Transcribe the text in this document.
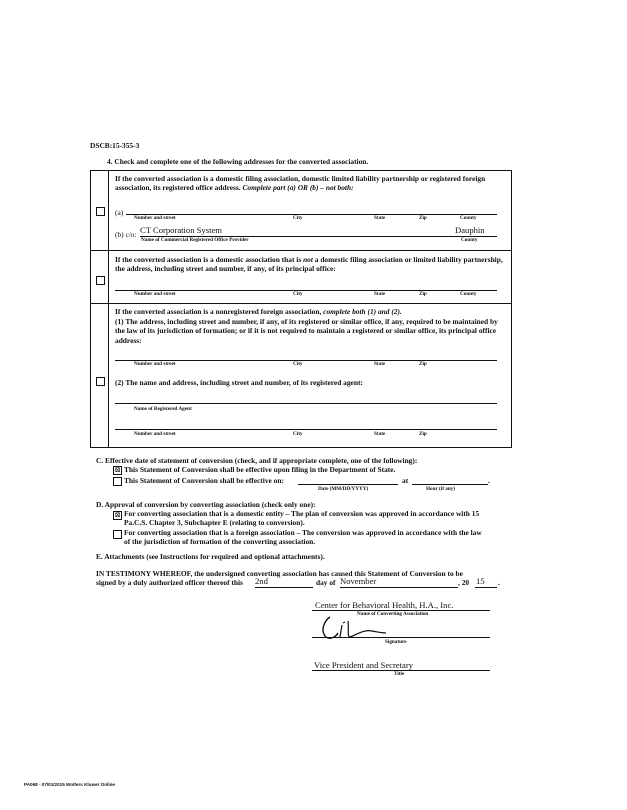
DSCB:15-355-3
4. Check and complete one of the following addresses for the converted association.
If the converted association is a domestic filing association, domestic limited liability partnership or registered foreign association, its registered office address. Complete part (a) OR (b) – not both:
(a)
Number and street	City	State	Zip	County
(b) c/o: CT Corporation System	Dauphin
Name of Commercial Registered Office Provider	County
If the converted association is a domestic association that is not a domestic filing association or limited liability partnership, the address, including street and number, if any, of its principal office:
Number and street	City	State	Zip	County
If the converted association is a nonregistered foreign association, complete both (1) and (2).
(1) The address, including street and number, if any, of its registered or similar office, if any, required to be maintained by the law of its jurisdiction of formation; or if it is not required to maintain a registered or similar office, its principal office address:
Number and street	City	State	Zip
(2) The name and address, including street and number, of its registered agent:
Name of Registered Agent
Number and street	City	State	Zip
C. Effective date of statement of conversion (check, and if appropriate complete, one of the following):
⊠ This Statement of Conversion shall be effective upon filing in the Department of State.
This Statement of Conversion shall be effective on:	at	.
Date (MM/DD/YYYY)	Hour (if any)
D. Approval of conversion by converting association (check only one):
⊠ For converting association that is a domestic entity – The plan of conversion was approved in accordance with 15
Pa.C.S. Chapter 3, Subchapter E (relating to conversion).
For converting association that is a foreign association – The conversion was approved in accordance with the law
of the jurisdiction of formation of the converting association.
E. Attachments (see Instructions for required and optional attachments).
IN TESTIMONY WHEREOF, the undersigned converting association has caused this Statement of Conversion to be
signed by a duly authorized officer thereof this 2nd	day of November	, 20 15 .
Center for Behavioral Health, H.A., Inc.
Name of Converting Association
Signature
Vice President and Secretary
Title
PA068 - 07/01/2015 Wolters Kluwer Online
